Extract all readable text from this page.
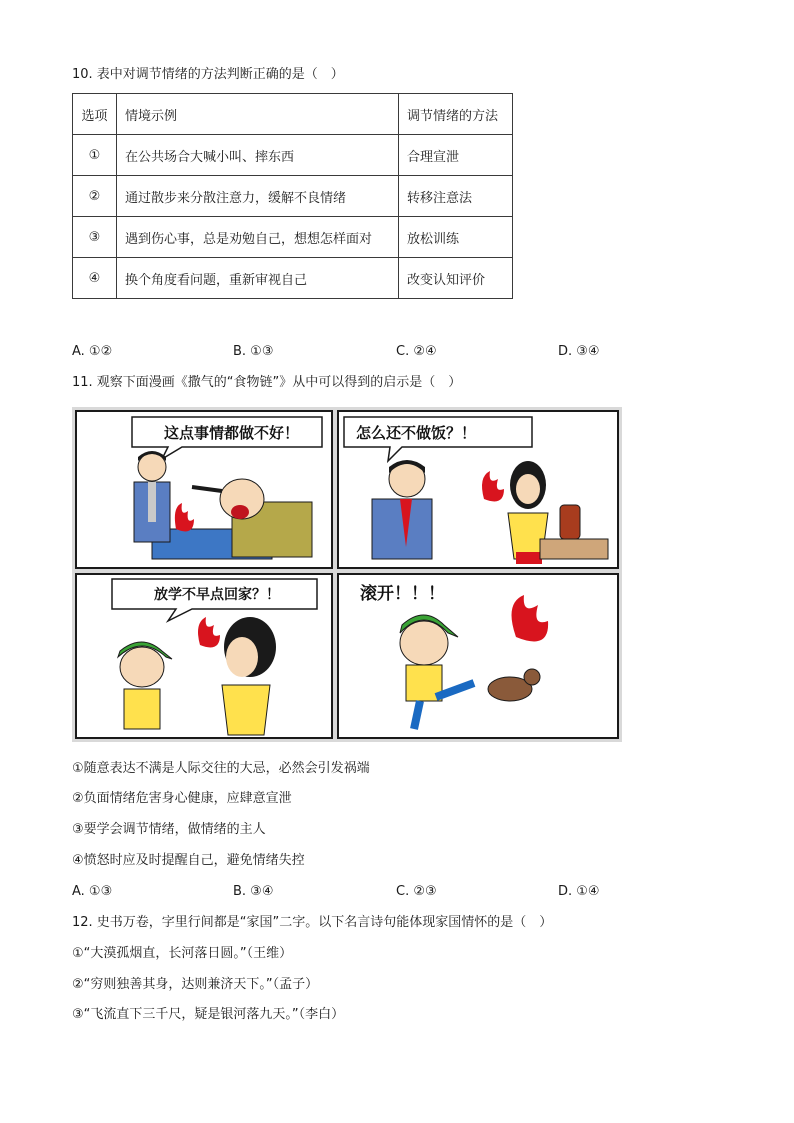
10. 表中对调节情绪的方法判断正确的是（　）
选项	情境示例	调节情绪的方法
①	在公共场合大喊小叫、摔东西	合理宣泄
②	通过散步来分散注意力，缓解不良情绪	转移注意法
③	遇到伤心事，总是劝勉自己，想想怎样面对	放松训练
④	换个角度看问题，重新审视自己	改变认知评价
A. ①②	B. ①③	C. ②④	D. ③④
11. 观察下面漫画《撒气的“食物链”》从中可以得到的启示是（　）
这点事情都做不好！	怎么还不做饭？！
放学不早点回家？！	滚开！！！
①随意表达不满是人际交往的大忌，必然会引发祸端
②负面情绪危害身心健康，应肆意宣泄
③要学会调节情绪，做情绪的主人
④愤怒时应及时提醒自己，避免情绪失控
A. ①③	B. ③④	C. ②③	D. ①④
12. 史书万卷，字里行间都是“家国”二字。以下名言诗句能体现家国情怀的是（　）
①“大漠孤烟直，长河落日圆。”（王维）
②“穷则独善其身，达则兼济天下。”（孟子）
③“飞流直下三千尺，疑是银河落九天。”（李白）
